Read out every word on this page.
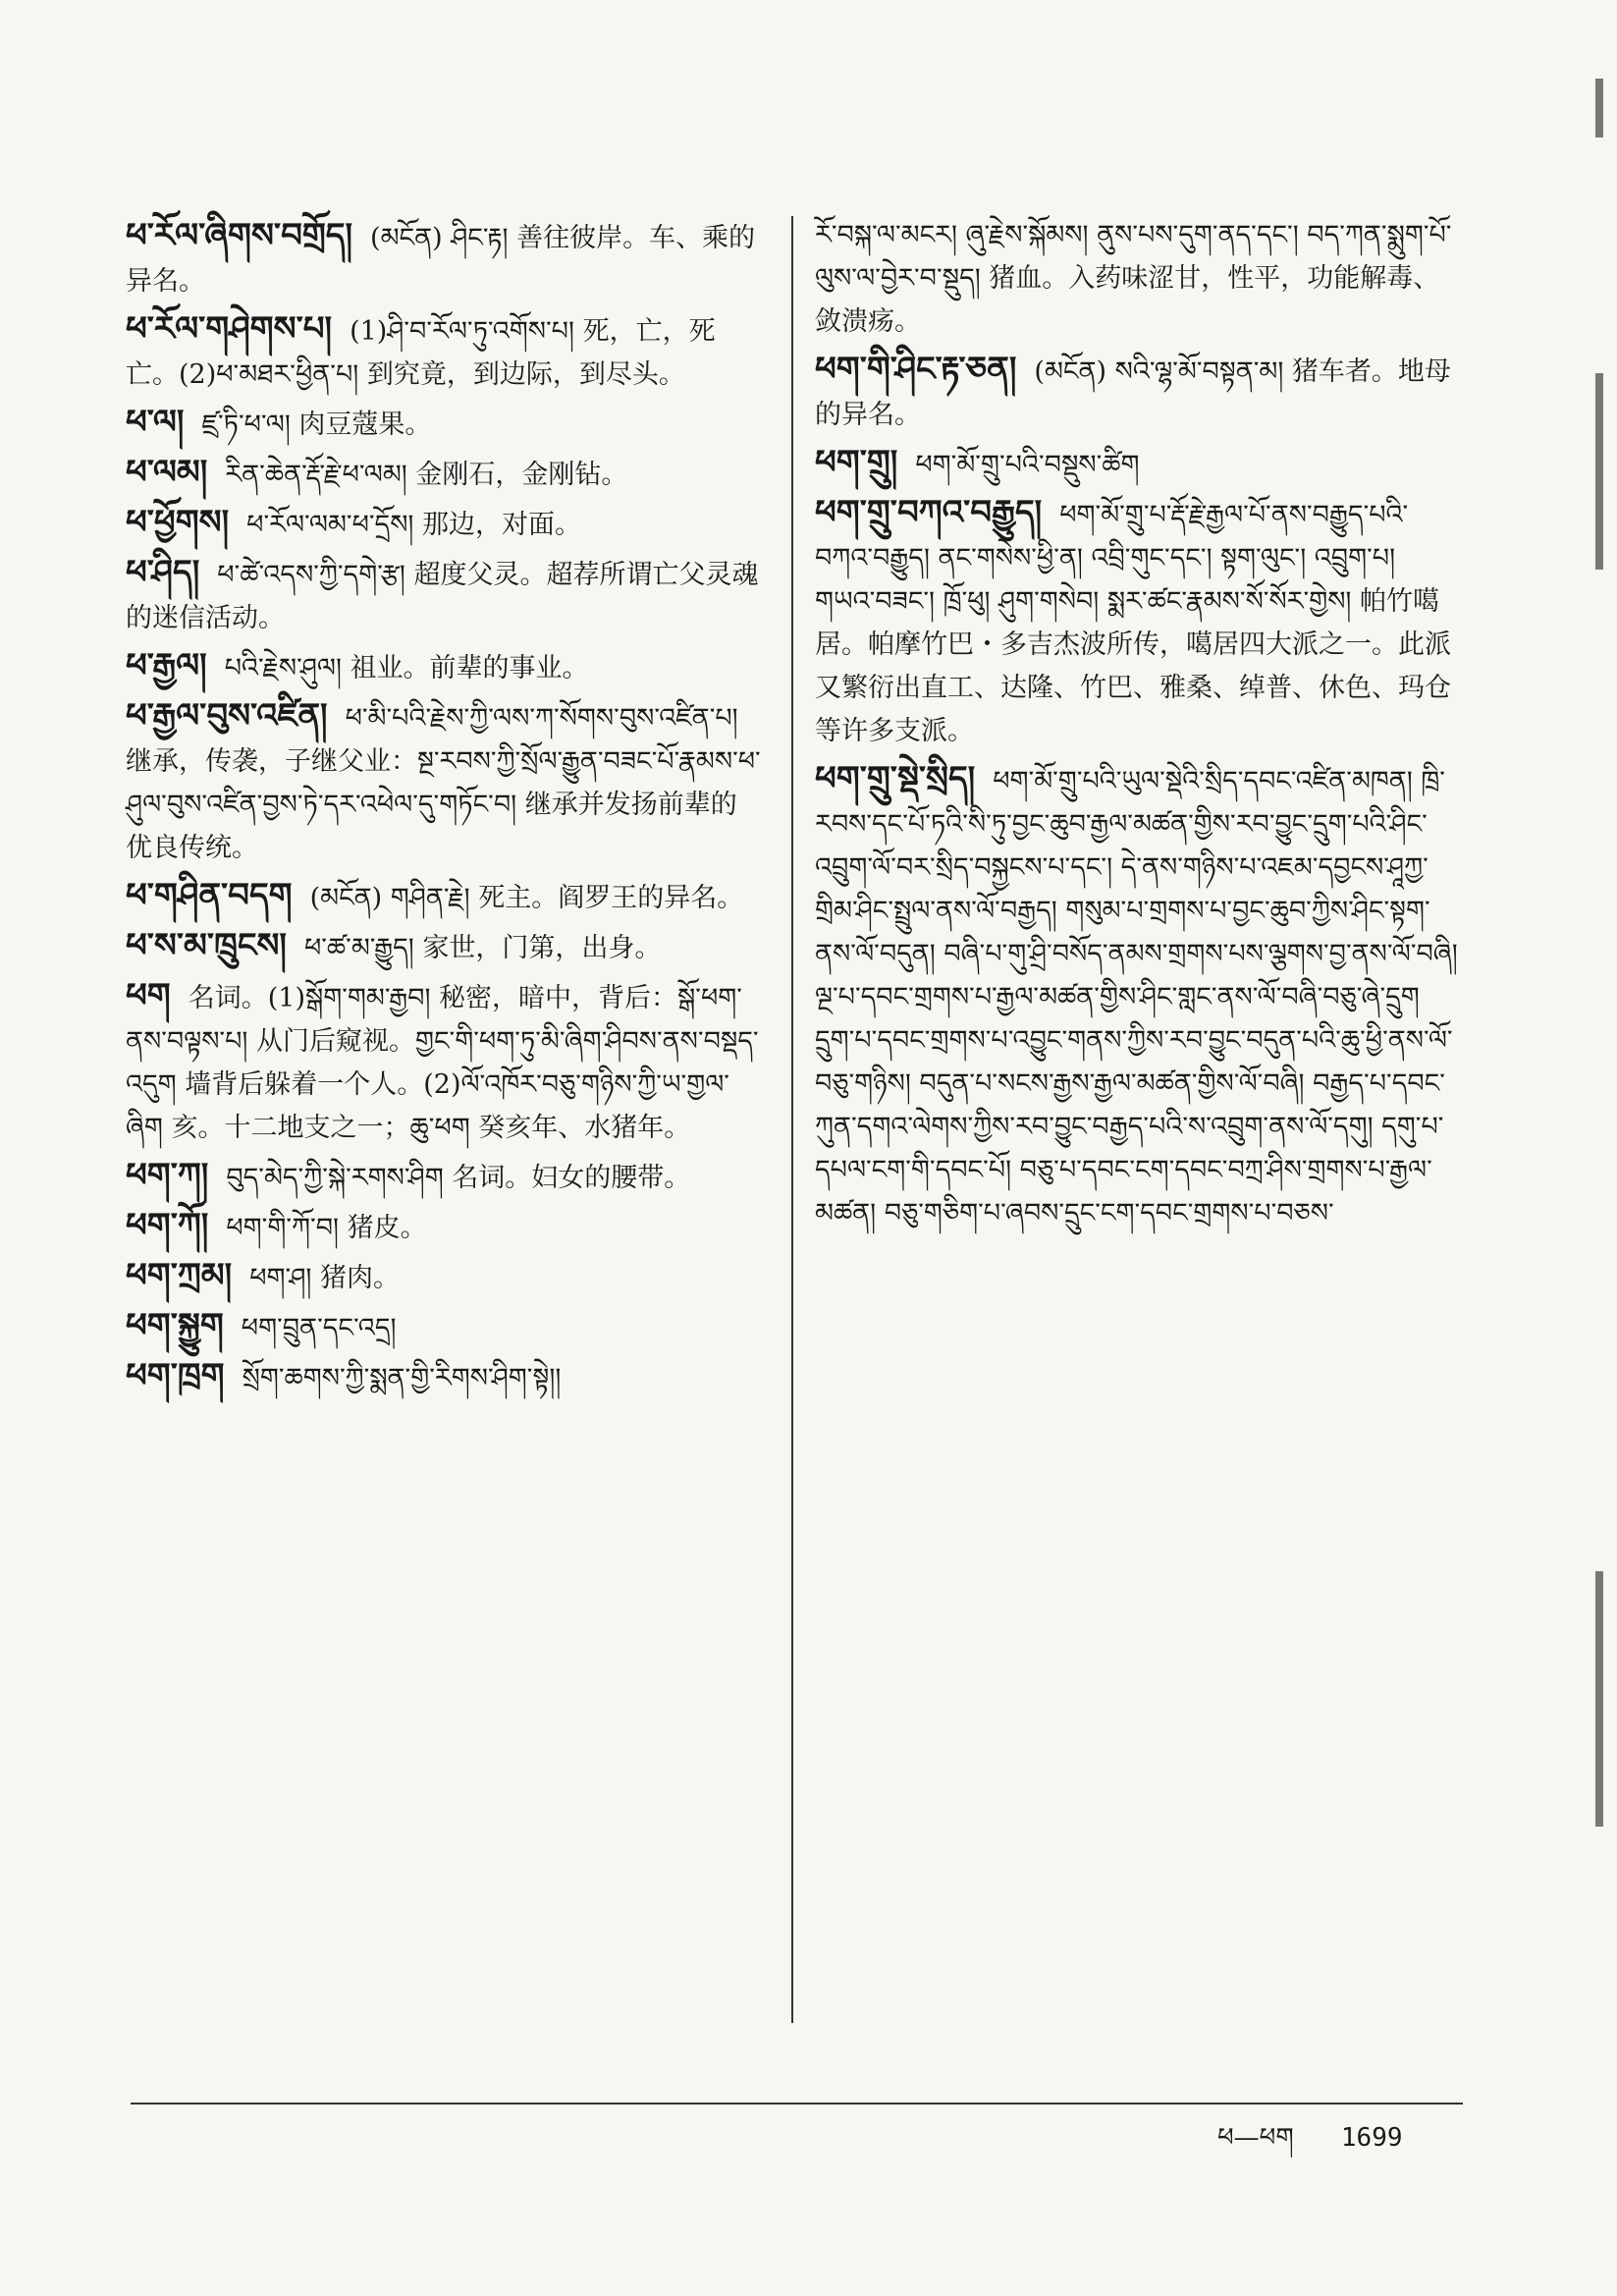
ཕ་རོལ་ཞིགས་བགྲོད། (མངོན) ཤིང་རྟ། 善往彼岸。车、乘的异名。
ཕ་རོལ་གཤེགས་པ། (1)ཤི་བ་རོལ་ཏུ་འགོས་པ། 死，亡，死亡。(2)ཕ་མཐར་ཕྱིན་པ། 到究竟，到边际，到尽头。
ཕ་ལ། ཛྲ་ཏི་ཕ་ལ། 肉豆蔻果。
ཕ་ལམ། རིན་ཆེན་རྡོ་རྗེ་ཕ་ལམ། 金刚石，金刚钻。
ཕ་ཕྱོགས། ཕ་རོལ་ལམ་ཕ་དྲོས། 那边，对面。
ཕ་ཤིད། ཕ་ཚེ་འདས་ཀྱི་དགེ་རྩ། 超度父灵。超荐所谓亡父灵魂的迷信活动。
ཕ་རྒྱལ། པའི་རྗེས་ཤུལ། 祖业。前辈的事业。
ཕ་རྒྱལ་བུས་འཛིན། ཕ་མི་པའི་རྗེས་ཀྱི་ལས་ཀ་སོགས་བུས་འཛིན་པ། 继承，传袭，子继父业：སྔ་རབས་ཀྱི་སྲོལ་རྒྱུན་བཟང་པོ་རྣམས་ཕ་ཤུལ་བུས་འཛིན་བྱས་ཏེ་དར་འཕེལ་དུ་གཏོང་བ། 继承并发扬前辈的优良传统。
ཕ་གཤིན་བདག (མངོན) གཤིན་རྗེ། 死主。阎罗王的异名。
ཕ་ས་མ་ཁྲུངས། ཕ་ཚ་མ་རྒྱུད། 家世，门第，出身。
ཕག 名词。(1)སྒོག་གམ་རྒྱབ། 秘密，暗中，背后：སྒོ་ཕག་ནས་བལྟས་པ། 从门后窥视。གྱང་གི་ཕག་ཏུ་མི་ཞིག་ཤིབས་ནས་བསྡད་འདུག 墙背后躲着一个人。(2)ལོ་འཁོར་བཅུ་གཉིས་ཀྱི་ཡ་གྱལ་ཞིག 亥。十二地支之一；ཆུ་ཕག 癸亥年、水猪年。
ཕག་ཀ། བུད་མེད་ཀྱི་སྐེ་རགས་ཤིག 名词。妇女的腰带。
ཕག་ཀོ། ཕག་གི་ཀོ་བ། 猪皮。
ཕག་ཀྲམ། ཕག་ཤ། 猪肉。
ཕག་སྐྱུག ཕག་བྲུན་དང་འདྲ།
ཕག་ཁྲག སྲོག་ཆགས་ཀྱི་སྨན་གྱི་རིགས་ཤིག་སྟེ།།
རོ་བསྐ་ལ་མངར། ཞུ་རྗེས་སྐོམས། ནུས་པས་དུག་ནད་དང་། བད་ཀན་སྨུག་པོ་ལུས་ལ་བྱེར་བ་སྡུད། 猪血。入药味涩甘，性平，功能解毒、敛溃疡。
ཕག་གི་ཤིང་རྟ་ཅན། (མངོན) སའི་ལྷ་མོ་བསྟན་མ། 猪车者。地母的异名。
ཕག་གྲུ། ཕག་མོ་གྲུ་པའི་བསྡུས་ཚིག
ཕག་གྲུ་བཀའ་བརྒྱུད། ཕག་མོ་གྲུ་པ་རྡོ་རྗེ་རྒྱལ་པོ་ནས་བརྒྱུད་པའི་བཀའ་བརྒྱུད། ནང་གསེས་ཕྱི་ན། འབྲི་གུང་དང་། སྟག་ལུང་། འབྲུག་པ། གཡའ་བཟང་། ཁྲོ་ཕུ། ཤུག་གསེབ། སྨར་ཚང་རྣམས་སོ་སོར་གྱེས། 帕竹噶居。帕摩竹巴・多吉杰波所传，噶居四大派之一。此派又繁衍出直工、达隆、竹巴、雅桑、绰普、休色、玛仓等许多支派。
ཕག་གྲུ་སྡེ་སྲིད། ཕག་མོ་གྲུ་པའི་ཡུལ་སྡེའི་སྲིད་དབང་འཛིན་མཁན། ཁྲི་རབས་དང་པོ་ཏའི་སི་ཏུ་བྱང་ཆུབ་རྒྱལ་མཚན་གྱིས་རབ་བྱུང་དྲུག་པའི་ཤིང་འབྲུག་ལོ་བར་སྲིད་བསྐྱངས་པ་དང་། དེ་ནས་གཉིས་པ་འཇམ་དབྱངས་ཤཱཀྱ་གྲིམ་ཤིང་སྤྲུལ་ནས་ལོ་བརྒྱད། གསུམ་པ་གྲགས་པ་བྱང་ཆུབ་ཀྱིས་ཤིང་སྟག་ནས་ལོ་བདུན། བཞི་པ་གུ་ཤྲི་བསོད་ནམས་གྲགས་པས་ལྕགས་བྱ་ནས་ལོ་བཞི། ལྔ་པ་དབང་གྲགས་པ་རྒྱལ་མཚན་གྱིས་ཤིང་གླང་ནས་ལོ་བཞི་བཅུ་ཞེ་དྲུག དྲུག་པ་དབང་གྲགས་པ་འབྱུང་གནས་ཀྱིས་རབ་བྱུང་བདུན་པའི་ཆུ་ཕྱི་ནས་ལོ་བཅུ་གཉིས། བདུན་པ་སངས་རྒྱས་རྒྱལ་མཚན་གྱིས་ལོ་བཞི། བརྒྱད་པ་དབང་ཀུན་དགའ་ལེགས་ཀྱིས་རབ་བྱུང་བརྒྱད་པའི་ས་འབྲུག་ནས་ལོ་དགུ། དགུ་པ་དཔལ་ངག་གི་དབང་པོ། བཅུ་པ་དབང་ངག་དབང་བཀྲ་ཤིས་གྲགས་པ་རྒྱལ་མཚན། བཅུ་གཅིག་པ་ཞབས་དྲུང་ངག་དབང་གྲགས་པ་བཅས་
ཕ—ཕག 1699
